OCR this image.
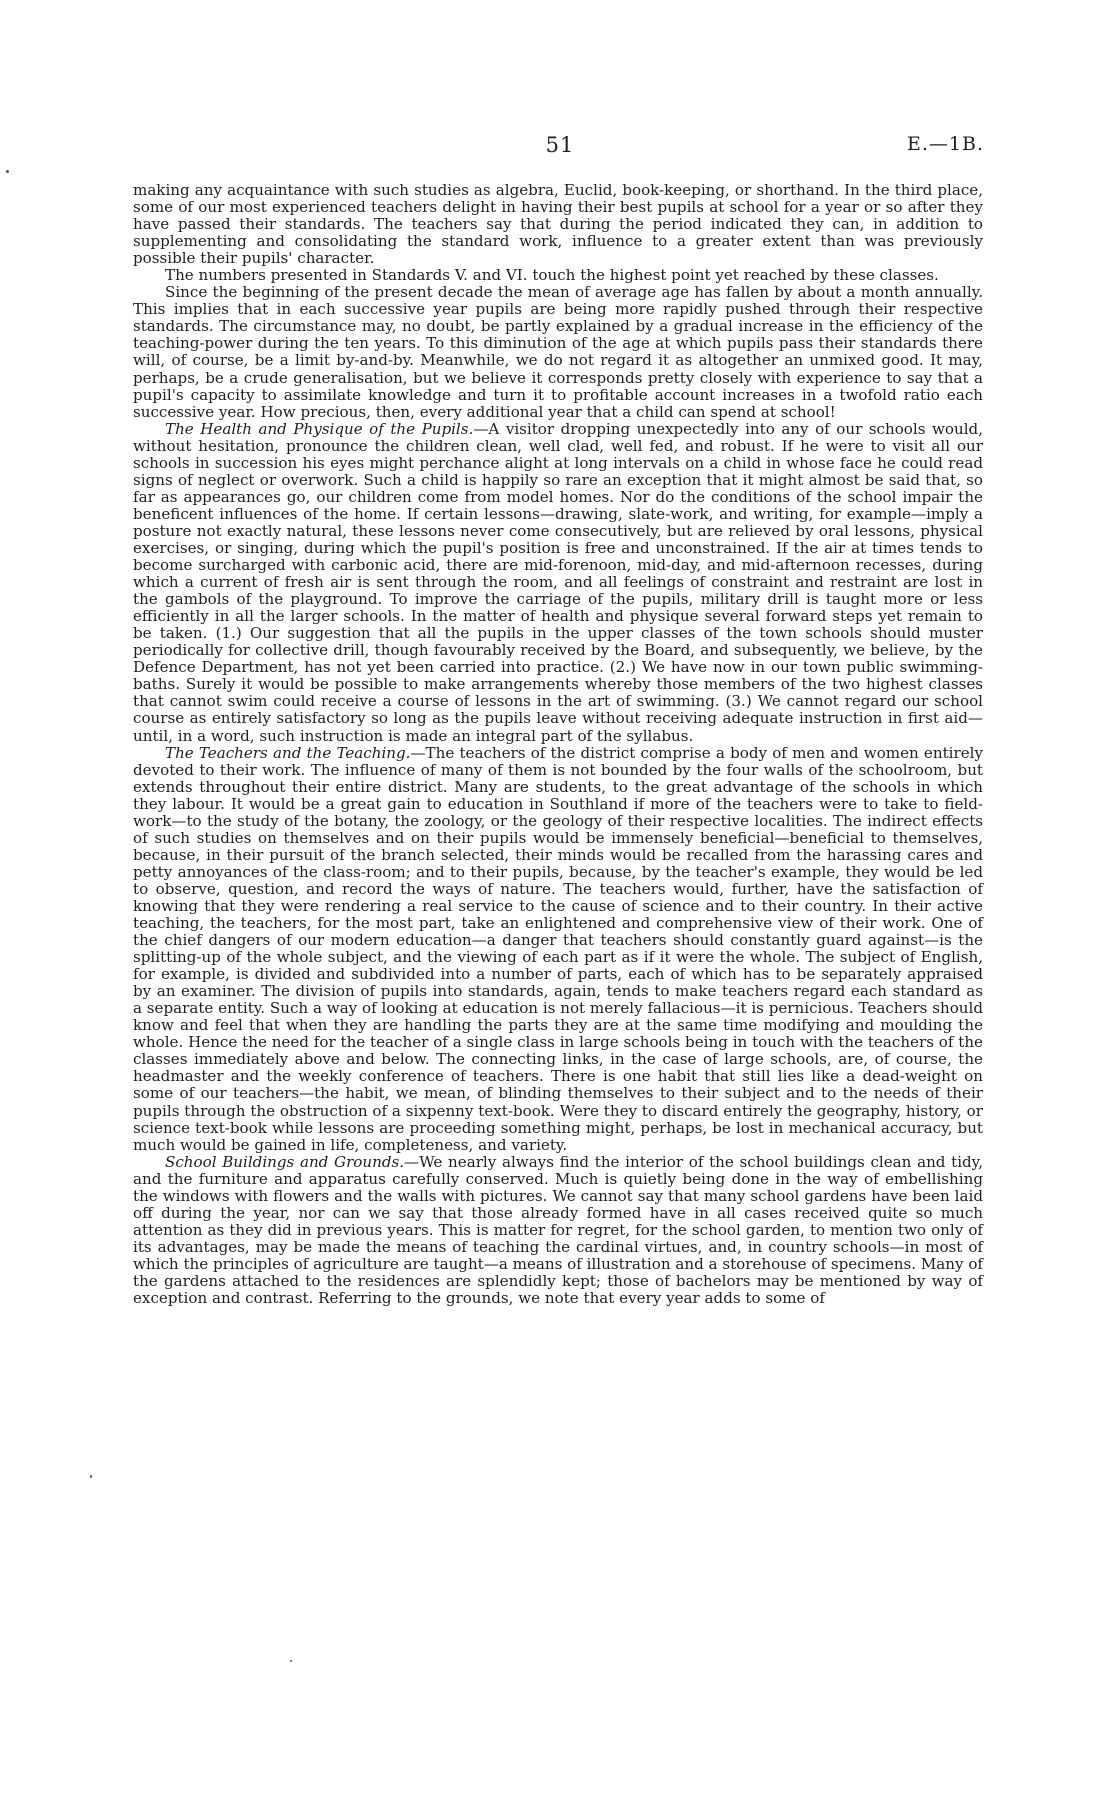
51	E.—1B.

making any acquaintance with such studies as algebra, Euclid, book-keeping, or shorthand. In the third place, some of our most experienced teachers delight in having their best pupils at school for a year or so after they have passed their standards. The teachers say that during the period indicated they can, in addition to supplementing and consolidating the standard work, influence to a greater extent than was previously possible their pupils' character.

The numbers presented in Standards V. and VI. touch the highest point yet reached by these classes.

Since the beginning of the present decade the mean of average age has fallen by about a month annually. This implies that in each successive year pupils are being more rapidly pushed through their respective standards. The circumstance may, no doubt, be partly explained by a gradual increase in the efficiency of the teaching-power during the ten years. To this diminution of the age at which pupils pass their standards there will, of course, be a limit by-and-by. Meanwhile, we do not regard it as altogether an unmixed good. It may, perhaps, be a crude generalisation, but we believe it corresponds pretty closely with experience to say that a pupil's capacity to assimilate knowledge and turn it to profitable account increases in a twofold ratio each successive year. How precious, then, every additional year that a child can spend at school!

The Health and Physique of the Pupils.—A visitor dropping unexpectedly into any of our schools would, without hesitation, pronounce the children clean, well clad, well fed, and robust. If he were to visit all our schools in succession his eyes might perchance alight at long intervals on a child in whose face he could read signs of neglect or overwork. Such a child is happily so rare an exception that it might almost be said that, so far as appearances go, our children come from model homes. Nor do the conditions of the school impair the beneficent influences of the home. If certain lessons—drawing, slate-work, and writing, for example—imply a posture not exactly natural, these lessons never come consecutively, but are relieved by oral lessons, physical exercises, or singing, during which the pupil's position is free and unconstrained. If the air at times tends to become surcharged with carbonic acid, there are mid-forenoon, mid-day, and mid-afternoon recesses, during which a current of fresh air is sent through the room, and all feelings of constraint and restraint are lost in the gambols of the playground. To improve the carriage of the pupils, military drill is taught more or less efficiently in all the larger schools. In the matter of health and physique several forward steps yet remain to be taken. (1.) Our suggestion that all the pupils in the upper classes of the town schools should muster periodically for collective drill, though favourably received by the Board, and subsequently, we believe, by the Defence Department, has not yet been carried into practice. (2.) We have now in our town public swimming-baths. Surely it would be possible to make arrangements whereby those members of the two highest classes that cannot swim could receive a course of lessons in the art of swimming. (3.) We cannot regard our school course as entirely satisfactory so long as the pupils leave without receiving adequate instruction in first aid—until, in a word, such instruction is made an integral part of the syllabus.

The Teachers and the Teaching.—The teachers of the district comprise a body of men and women entirely devoted to their work. The influence of many of them is not bounded by the four walls of the schoolroom, but extends throughout their entire district. Many are students, to the great advantage of the schools in which they labour. It would be a great gain to education in Southland if more of the teachers were to take to field-work—to the study of the botany, the zoology, or the geology of their respective localities. The indirect effects of such studies on themselves and on their pupils would be immensely beneficial—beneficial to themselves, because, in their pursuit of the branch selected, their minds would be recalled from the harassing cares and petty annoyances of the class-room; and to their pupils, because, by the teacher's example, they would be led to observe, question, and record the ways of nature. The teachers would, further, have the satisfaction of knowing that they were rendering a real service to the cause of science and to their country. In their active teaching, the teachers, for the most part, take an enlightened and comprehensive view of their work. One of the chief dangers of our modern education—a danger that teachers should constantly guard against—is the splitting-up of the whole subject, and the viewing of each part as if it were the whole. The subject of English, for example, is divided and subdivided into a number of parts, each of which has to be separately appraised by an examiner. The division of pupils into standards, again, tends to make teachers regard each standard as a separate entity. Such a way of looking at education is not merely fallacious—it is pernicious. Teachers should know and feel that when they are handling the parts they are at the same time modifying and moulding the whole. Hence the need for the teacher of a single class in large schools being in touch with the teachers of the classes immediately above and below. The connecting links, in the case of large schools, are, of course, the headmaster and the weekly conference of teachers. There is one habit that still lies like a dead-weight on some of our teachers—the habit, we mean, of blinding themselves to their subject and to the needs of their pupils through the obstruction of a sixpenny text-book. Were they to discard entirely the geography, history, or science text-book while lessons are proceeding something might, perhaps, be lost in mechanical accuracy, but much would be gained in life, completeness, and variety.

School Buildings and Grounds.—We nearly always find the interior of the school buildings clean and tidy, and the furniture and apparatus carefully conserved. Much is quietly being done in the way of embellishing the windows with flowers and the walls with pictures. We cannot say that many school gardens have been laid off during the year, nor can we say that those already formed have in all cases received quite so much attention as they did in previous years. This is matter for regret, for the school garden, to mention two only of its advantages, may be made the means of teaching the cardinal virtues, and, in country schools—in most of which the principles of agriculture are taught—a means of illustration and a storehouse of specimens. Many of the gardens attached to the residences are splendidly kept; those of bachelors may be mentioned by way of exception and contrast. Referring to the grounds, we note that every year adds to some of
